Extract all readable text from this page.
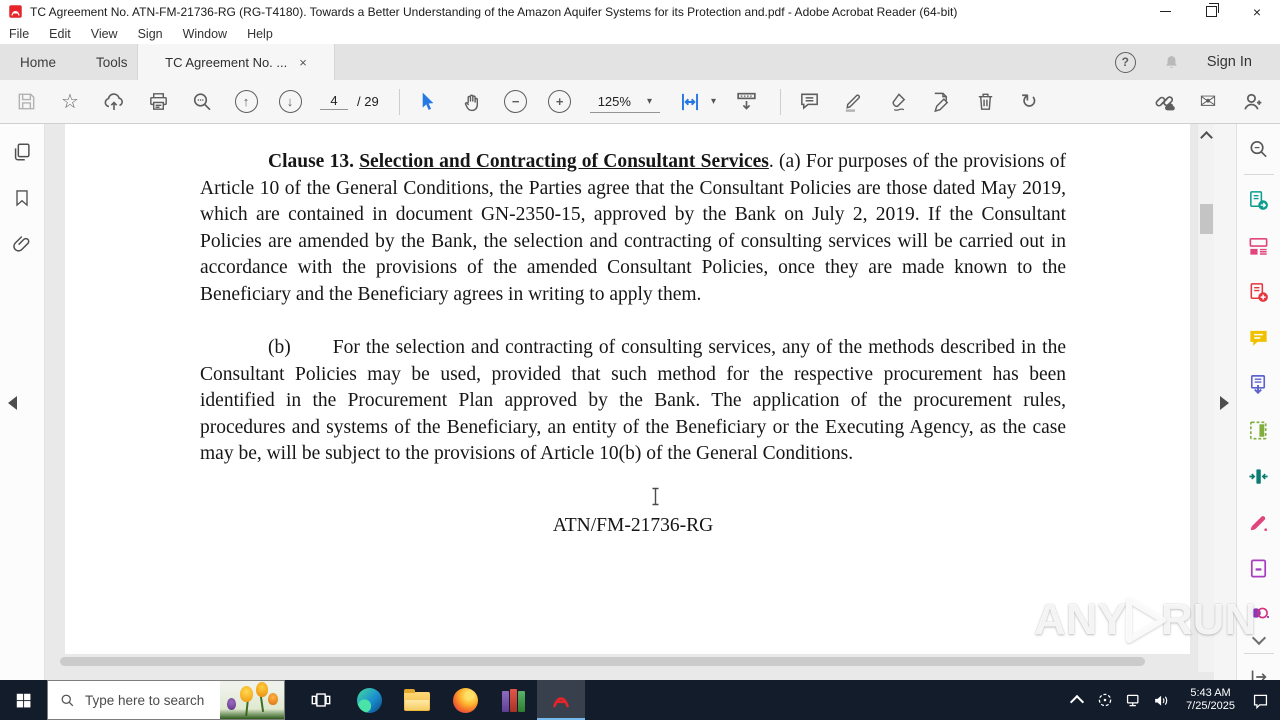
TC Agreement No. ATN-FM-21736-RG (RG-T4180). Towards a Better Understanding of the Amazon Aquifer Systems for its Protection and.pdf - Adobe Acrobat Reader (64-bit)	×
File Edit View Sign Window Help
Home	Tools	TC Agreement No. ... ×	?	Sign In
☆	↑	↓	4	/ 29	−	+	125% ▾	▾	↻	✉

Clause 13. Selection and Contracting of Consultant Services. (a) For purposes of the provisions of Article 10 of the General Conditions, the Parties agree that the Consultant Policies are those dated May 2019, which are contained in document GN-2350-15, approved by the Bank on July 2, 2019. If the Consultant Policies are amended by the Bank, the selection and contracting of consulting services will be carried out in accordance with the provisions of the amended Consultant Policies, once they are made known to the Beneficiary and the Beneficiary agrees in writing to apply them.

(b) For the selection and contracting of consulting services, any of the methods described in the Consultant Policies may be used, provided that such method for the respective procurement has been identified in the Procurement Plan approved by the Bank. The application of the procurement rules, procedures and systems of the Beneficiary, an entity of the Beneficiary or the Executing Agency, as the case may be, will be subject to the provisions of Article 10(b) of the General Conditions.

ATN/FM-21736-RG

ANY RUN
Type here to search	5:43 AM
7/25/2025
